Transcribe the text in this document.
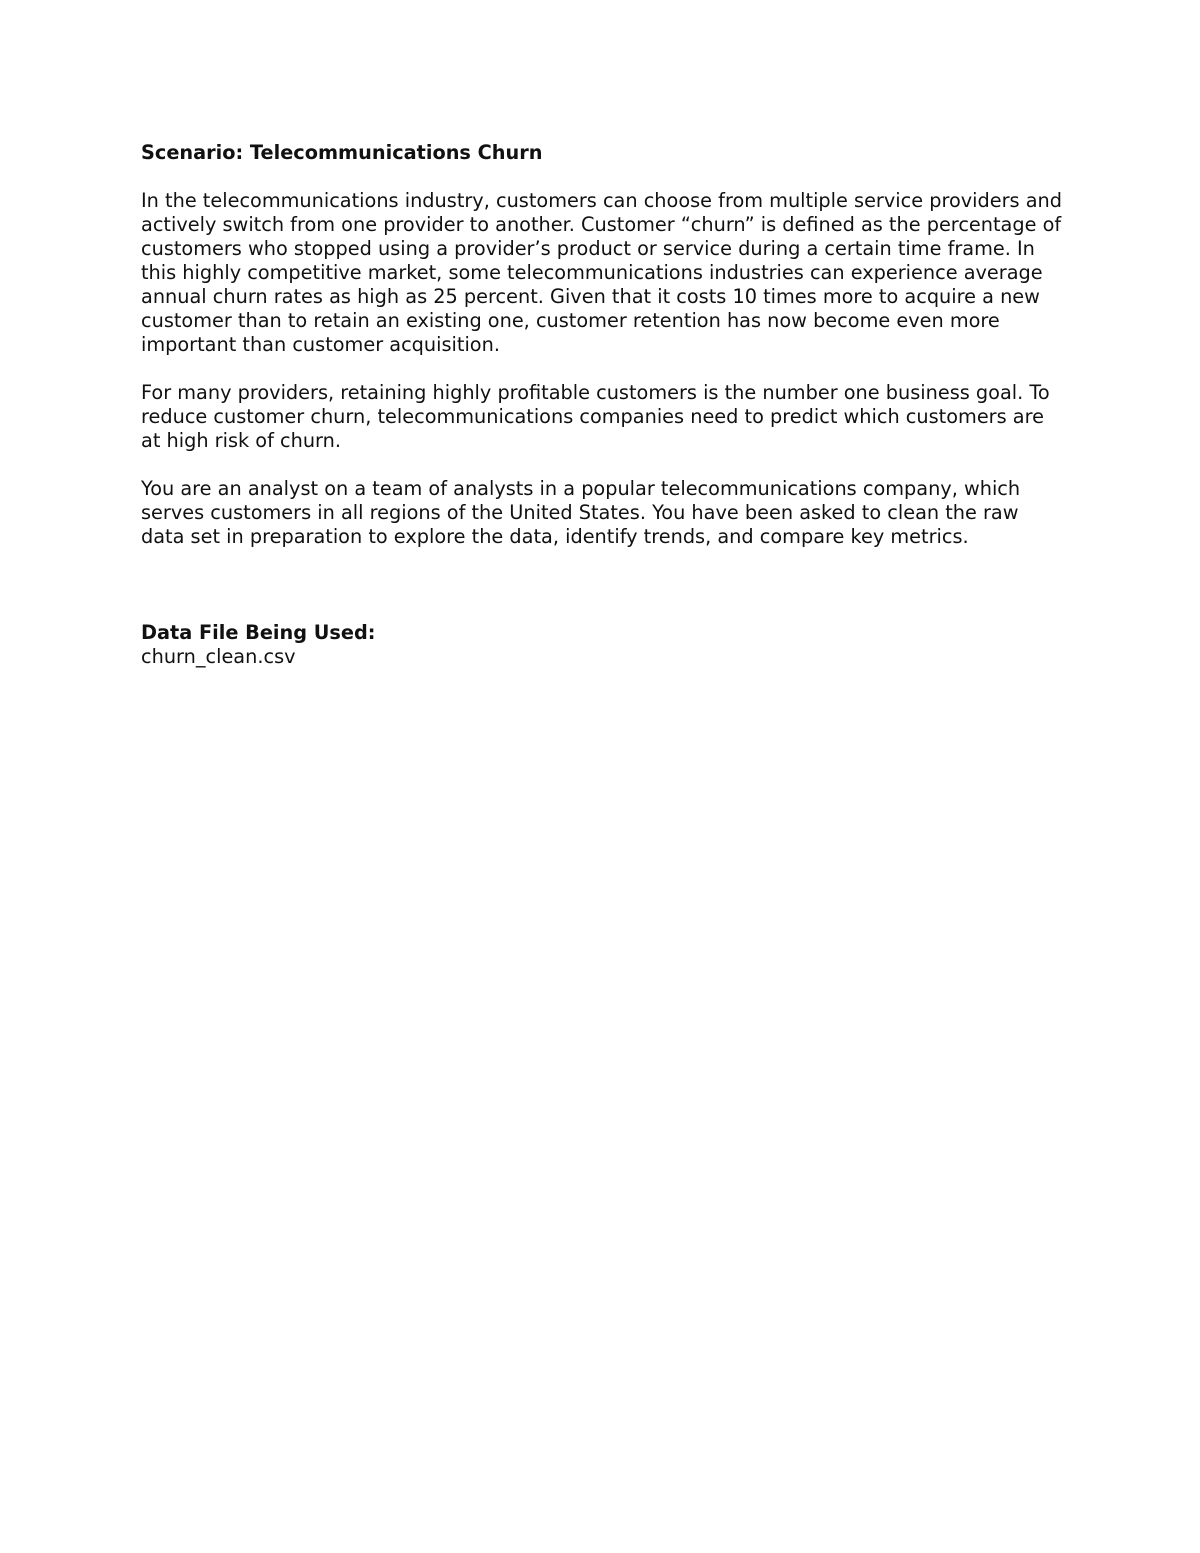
Scenario: Telecommunications Churn

In the telecommunications industry, customers can choose from multiple service providers and actively switch from one provider to another. Customer “churn” is defined as the percentage of customers who stopped using a provider’s product or service during a certain time frame. In this highly competitive market, some telecommunications industries can experience average annual churn rates as high as 25 percent. Given that it costs 10 times more to acquire a new customer than to retain an existing one, customer retention has now become even more important than customer acquisition.

For many providers, retaining highly profitable customers is the number one business goal. To reduce customer churn, telecommunications companies need to predict which customers are at high risk of churn.

You are an analyst on a team of analysts in a popular telecommunications company, which serves customers in all regions of the United States. You have been asked to clean the raw data set in preparation to explore the data, identify trends, and compare key metrics.

Data File Being Used:
churn_clean.csv
